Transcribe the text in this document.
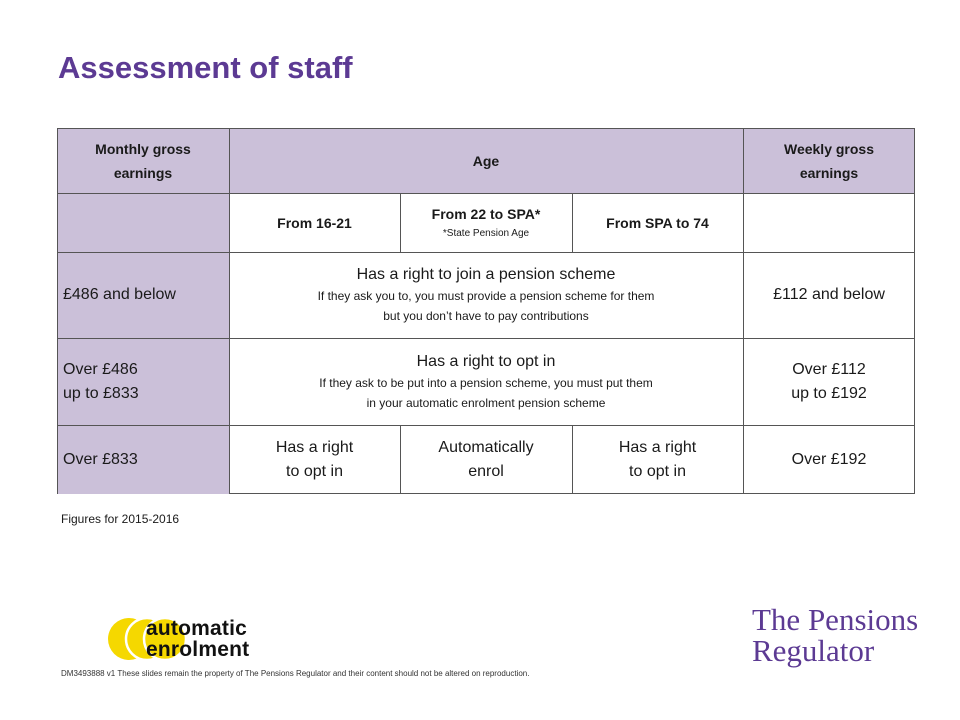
Assessment of staff
Monthly gross earnings
Age
Weekly gross earnings
From 16-21
From 22 to SPA*
*State Pension Age
From SPA to 74
£486 and below
Has a right to join a pension scheme
If they ask you to, you must provide a pension scheme for them
but you don’t have to pay contributions
£112 and below
Over £486
up to £833
Has a right to opt in
If they ask to be put into a pension scheme, you must put them
in your automatic enrolment pension scheme
Over £112
up to £192
Over £833
Has a right
to opt in
Automatically
enrol
Has a right
to opt in
Over £192
Figures for 2015-2016
automatic
enrolment
The Pensions
Regulator
DM3493888 v1 These slides remain the property of The Pensions Regulator and their content should not be altered on reproduction.
